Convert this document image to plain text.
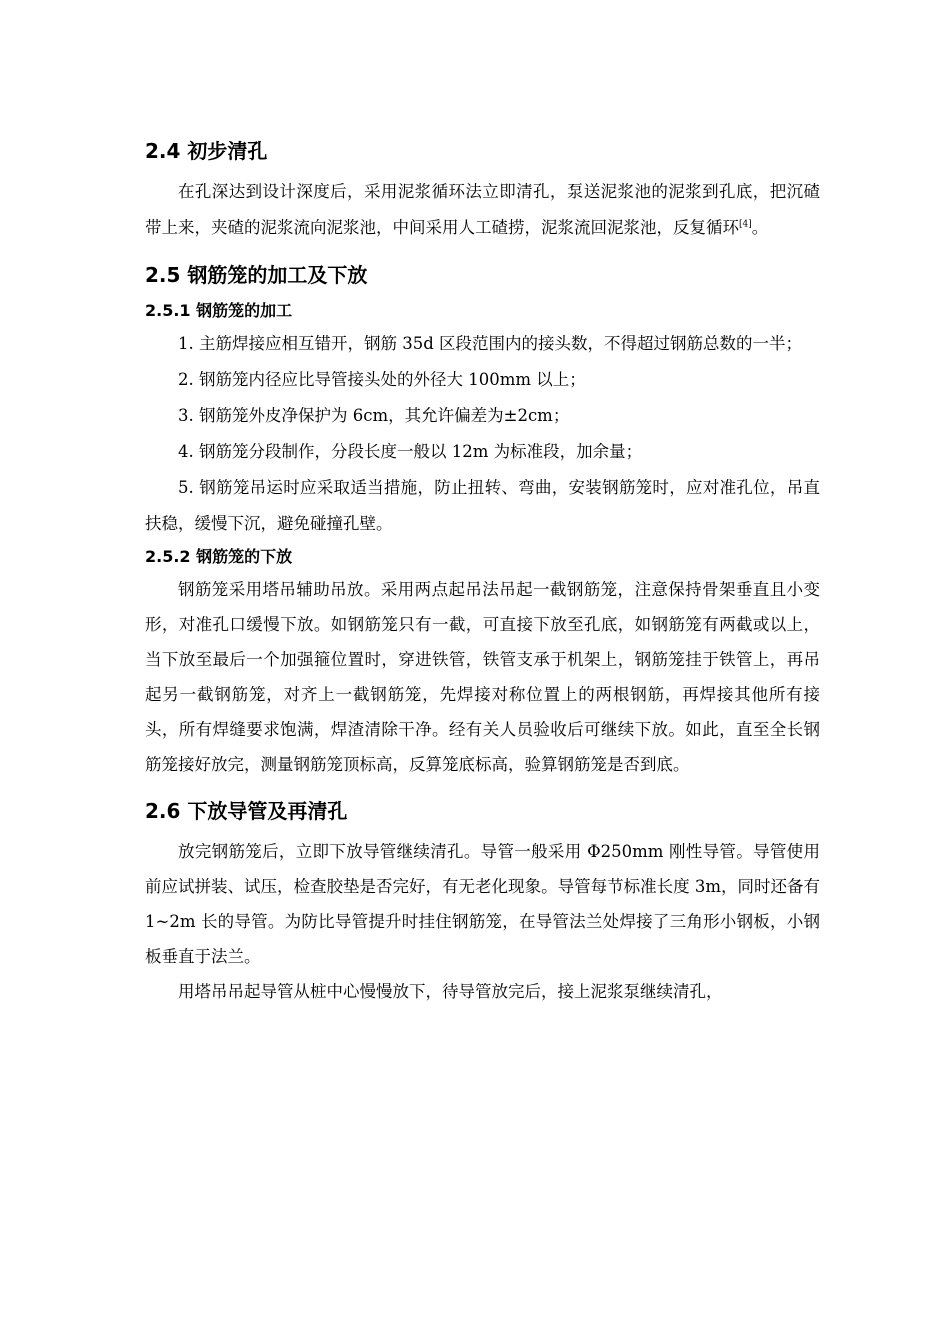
2.4 初步清孔

在孔深达到设计深度后，采用泥浆循环法立即清孔，泵送泥浆池的泥浆到孔底，把沉碴带上来，夹碴的泥浆流向泥浆池，中间采用人工碴捞，泥浆流回泥浆池，反复循环[4]。

2.5 钢筋笼的加工及下放
2.5.1 钢筋笼的加工

1. 主筋焊接应相互错开，钢筋 35d 区段范围内的接头数，不得超过钢筋总数的一半；

2. 钢筋笼内径应比导管接头处的外径大 100mm 以上；

3. 钢筋笼外皮净保护为 6cm，其允许偏差为±2cm；

4. 钢筋笼分段制作，分段长度一般以 12m 为标准段，加余量；

5. 钢筋笼吊运时应采取适当措施，防止扭转、弯曲，安装钢筋笼时，应对准孔位，吊直扶稳，缓慢下沉，避免碰撞孔壁。

2.5.2 钢筋笼的下放

钢筋笼采用塔吊辅助吊放。采用两点起吊法吊起一截钢筋笼，注意保持骨架垂直且小变形，对准孔口缓慢下放。如钢筋笼只有一截，可直接下放至孔底，如钢筋笼有两截或以上，当下放至最后一个加强箍位置时，穿进铁管，铁管支承于机架上，钢筋笼挂于铁管上，再吊起另一截钢筋笼，对齐上一截钢筋笼，先焊接对称位置上的两根钢筋，再焊接其他所有接头，所有焊缝要求饱满，焊渣清除干净。经有关人员验收后可继续下放。如此，直至全长钢筋笼接好放完，测量钢筋笼顶标高，反算笼底标高，验算钢筋笼是否到底。

2.6 下放导管及再清孔

放完钢筋笼后，立即下放导管继续清孔。导管一般采用 Φ250mm 刚性导管。导管使用前应试拼装、试压，检查胶垫是否完好，有无老化现象。导管每节标准长度 3m，同时还备有 1~2m 长的导管。为防比导管提升时挂住钢筋笼，在导管法兰处焊接了三角形小钢板，小钢板垂直于法兰。

用塔吊吊起导管从桩中心慢慢放下，待导管放完后，接上泥浆泵继续清孔，
